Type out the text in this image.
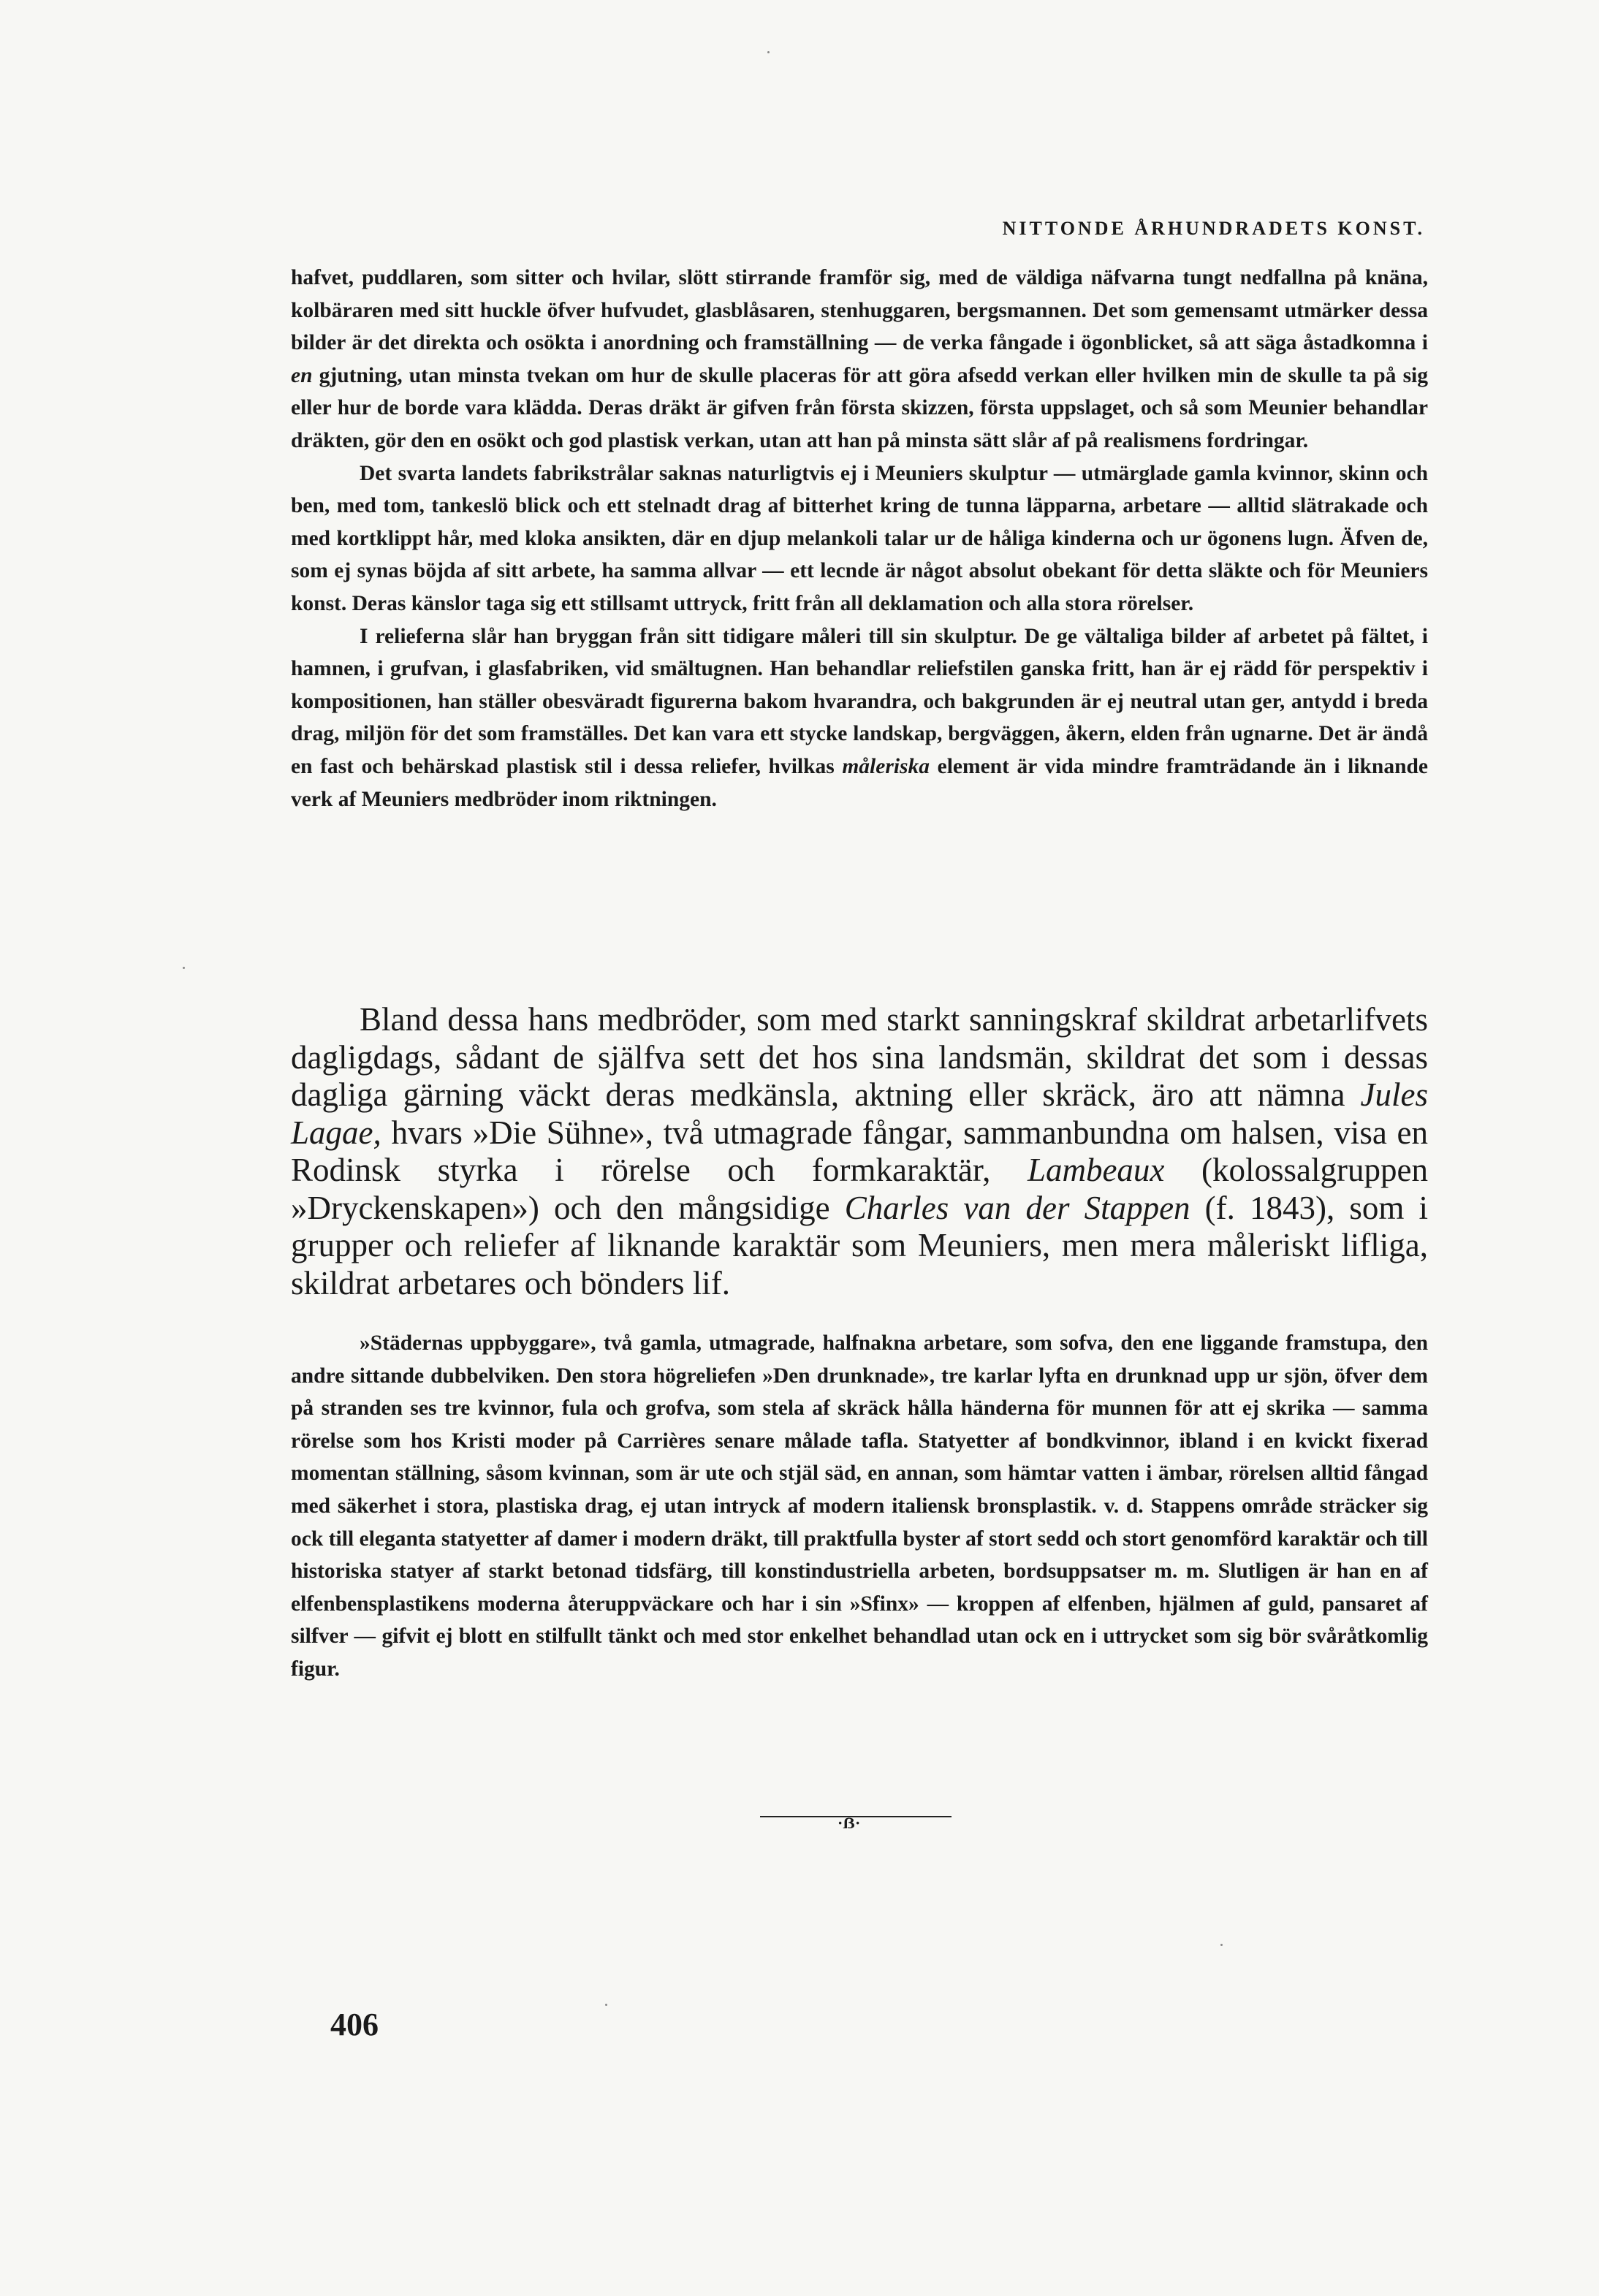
NITTONDE ÅRHUNDRADETS KONST.

hafvet, puddlaren, som sitter och hvilar, slött stirrande framför sig, med de väldiga näfvarna tungt nedfallna på knäna, kolbäraren med sitt huckle öfver hufvudet, glasblåsaren, stenhuggaren, bergsmannen. Det som gemensamt utmärker dessa bilder är det direkta och osökta i anordning och framställning — de verka fångade i ögonblicket, så att säga åstadkomna i en gjutning, utan minsta tvekan om hur de skulle placeras för att göra afsedd verkan eller hvilken min de skulle ta på sig eller hur de borde vara klädda. Deras dräkt är gifven från första skizzen, första uppslaget, och så som Meunier behandlar dräkten, gör den en osökt och god plastisk verkan, utan att han på minsta sätt slår af på realismens fordringar.

Det svarta landets fabrikstrålar saknas naturligtvis ej i Meuniers skulptur — utmärglade gamla kvinnor, skinn och ben, med tom, tankeslö blick och ett stelnadt drag af bitterhet kring de tunna läpparna, arbetare — alltid slätrakade och med kortklippt hår, med kloka ansikten, där en djup melankoli talar ur de håliga kinderna och ur ögonens lugn. Äfven de, som ej synas böjda af sitt arbete, ha samma allvar — ett lecnde är något absolut obekant för detta släkte och för Meuniers konst. Deras känslor taga sig ett stillsamt uttryck, fritt från all deklamation och alla stora rörelser.

I relieferna slår han bryggan från sitt tidigare måleri till sin skulptur. De ge vältaliga bilder af arbetet på fältet, i hamnen, i grufvan, i glasfabriken, vid smältugnen. Han behandlar reliefstilen ganska fritt, han är ej rädd för perspektiv i kompositionen, han ställer obesväradt figurerna bakom hvarandra, och bakgrunden är ej neutral utan ger, antydd i breda drag, miljön för det som framställes. Det kan vara ett stycke landskap, bergväggen, åkern, elden från ugnarne. Det är ändå en fast och behärskad plastisk stil i dessa reliefer, hvilkas måleriska element är vida mindre framträdande än i liknande verk af Meuniers medbröder inom riktningen.

Bland dessa hans medbröder, som med starkt sanningskraf skildrat arbetarlifvets dagligdags, sådant de själfva sett det hos sina landsmän, skildrat det som i dessas dagliga gärning väckt deras medkänsla, aktning eller skräck, äro att nämna Jules Lagae, hvars »Die Sühne», två utmagrade fångar, sammanbundna om halsen, visa en Rodinsk styrka i rörelse och formkaraktär, Lambeaux (kolossalgruppen »Dryckenskapen») och den mångsidige Charles van der Stappen (f. 1843), som i grupper och reliefer af liknande karaktär som Meuniers, men mera måleriskt lifliga, skildrat arbetares och bönders lif.

»Städernas uppbyggare», två gamla, utmagrade, halfnakna arbetare, som sofva, den ene liggande framstupa, den andre sittande dubbelviken. Den stora högreliefen »Den drunknade», tre karlar lyfta en drunknad upp ur sjön, öfver dem på stranden ses tre kvinnor, fula och grofva, som stela af skräck hålla händerna för munnen för att ej skrika — samma rörelse som hos Kristi moder på Carrières senare målade tafla. Statyetter af bondkvinnor, ibland i en kvickt fixerad momentan ställning, såsom kvinnan, som är ute och stjäl säd, en annan, som hämtar vatten i ämbar, rörelsen alltid fångad med säkerhet i stora, plastiska drag, ej utan intryck af modern italiensk bronsplastik. v. d. Stappens område sträcker sig ock till eleganta statyetter af damer i modern dräkt, till praktfulla byster af stort sedd och stort genomförd karaktär och till historiska statyer af starkt betonad tidsfärg, till konstindustriella arbeten, bordsuppsatser m. m. Slutligen är han en af elfenbensplastikens moderna återuppväckare och har i sin »Sfinx» — kroppen af elfenben, hjälmen af guld, pansaret af silfver — gifvit ej blott en stilfullt tänkt och med stor enkelhet behandlad utan ock en i uttrycket som sig bör svåråtkomlig figur.

·ẞ·
406
